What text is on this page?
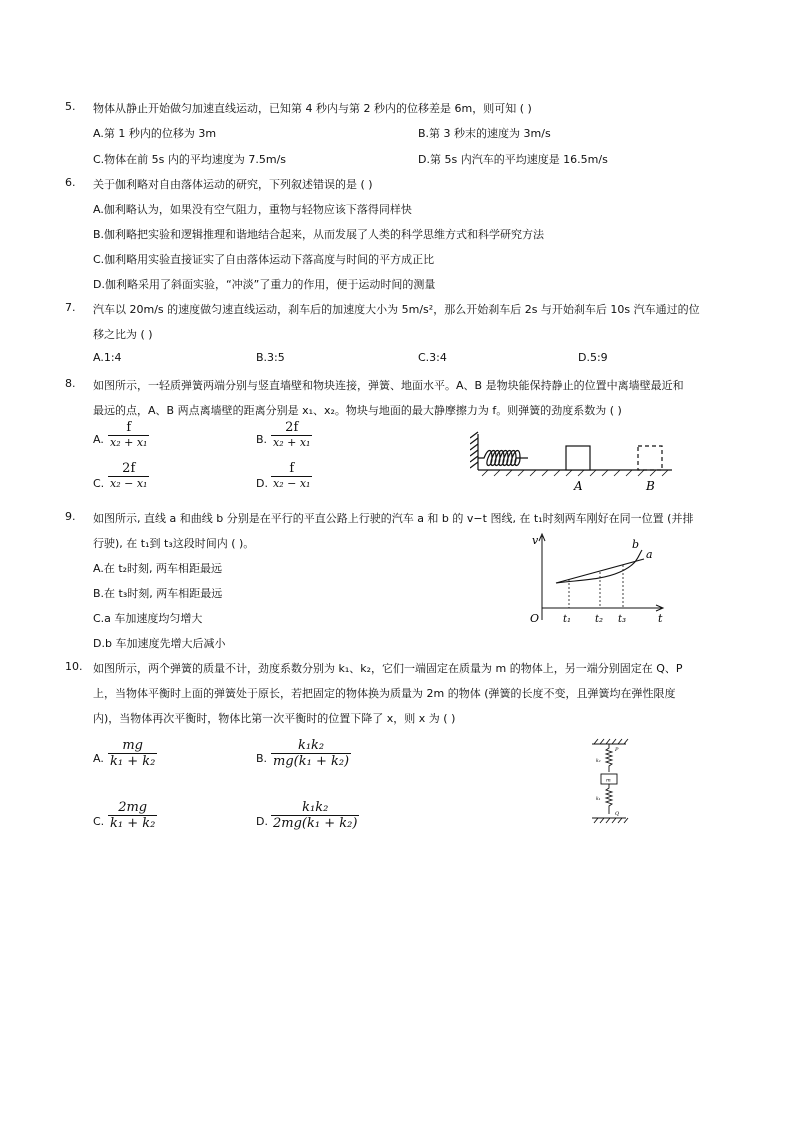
5. 物体从静止开始做匀加速直线运动，已知第 4 秒内与第 2 秒内的位移差是 6m，则可知 ( )
A.第 1 秒内的位移为 3m	B.第 3 秒末的速度为 3m/s
C.物体在前 5s 内的平均速度为 7.5m/s	D.第 5s 内汽车的平均速度是 16.5m/s
6. 关于伽利略对自由落体运动的研究，下列叙述错误的是 ( )
A.伽利略认为，如果没有空气阻力，重物与轻物应该下落得同样快
B.伽利略把实验和逻辑推理和谐地结合起来，从而发展了人类的科学思维方式和科学研究方法
C.伽利略用实验直接证实了自由落体运动下落高度与时间的平方成正比
D.伽利略采用了斜面实验，“冲淡”了重力的作用，便于运动时间的测量
7. 汽车以 20m/s 的速度做匀速直线运动，刹车后的加速度大小为 5m/s²，那么开始刹车后 2s 与开始刹车后 10s 汽车通过的位
移之比为 ( )
A.1:4	B.3:5	C.3:4	D.5:9
8. 如图所示，一轻质弹簧两端分别与竖直墙壁和物块连接，弹簧、地面水平。A、B 是物块能保持静止的位置中离墙壁最近和
最远的点，A、B 两点离墙壁的距离分别是 x₁、x₂。物块与地面的最大静摩擦力为 f。则弹簧的劲度系数为 ( )
A.
f
x₂ + x₁	B.
2f
x₂ + x₁
C.
2f
x₂ − x₁	D.
f
x₂ − x₁	A	B
9. 如图所示, 直线 a 和曲线 b 分别是在平行的平直公路上行驶的汽车 a 和 b 的 v−t 图线, 在 t₁时刻两车刚好在同一位置 (并排
行驶), 在 t₁到 t₃这段时间内 ( )。
A.在 t₂时刻, 两车相距最远
B.在 t₃时刻, 两车相距最远
C.a 车加速度均匀增大
D.b 车加速度先增大后减小
v
t
O
b
a
t₁ t₂ t₃
10. 如图所示，两个弹簧的质量不计，劲度系数分别为 k₁、k₂，它们一端固定在质量为 m 的物体上，另一端分别固定在 Q、P
上，当物体平衡时上面的弹簧处于原长，若把固定的物体换为质量为 2m 的物体 (弹簧的长度不变，且弹簧均在弹性限度
内)，当物体再次平衡时，物体比第一次平衡时的位置下降了 x，则 x 为 ( )
A.
mg
k₁ + k₂	B.
k₁k₂
mg(k₁ + k₂)
C.
2mg
k₁ + k₂	D.
k₁k₂
2mg(k₁ + k₂)
P
Q
m
k₂
k₁
